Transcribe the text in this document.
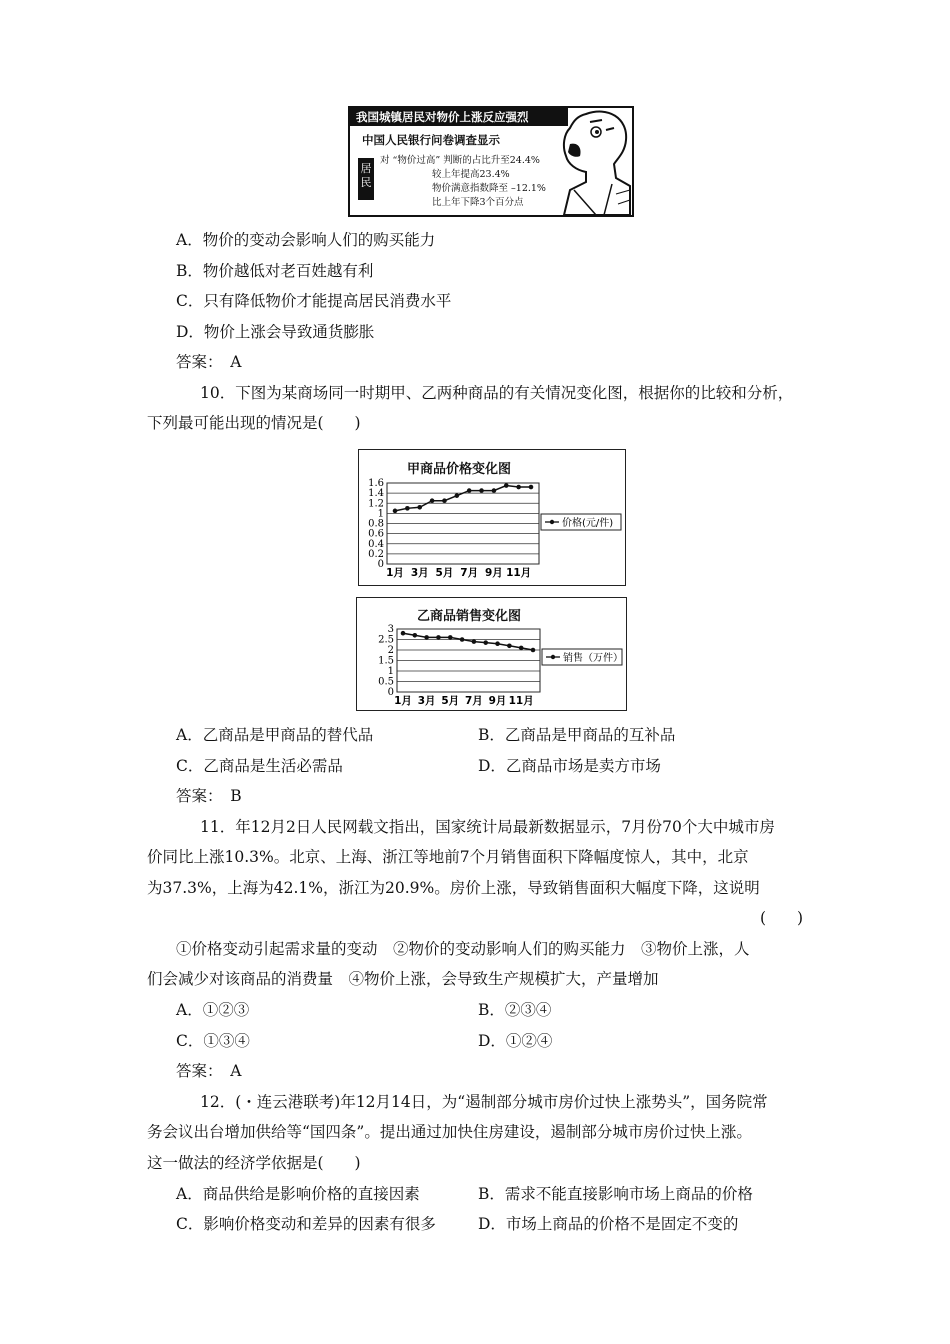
我国城镇居民对物价上涨反应强烈
中国人民银行问卷调查显示
居民
对 “物价过高” 判断的占比升至24.4%
较上年提高23.4%
物价满意指数降至 –12.1%
比上年下降3个百分点
A．物价的变动会影响人们的购买能力
B．物价越低对老百姓越有利
C．只有降低物价才能提高居民消费水平
D．物价上涨会导致通货膨胀
答案：　A
10．下图为某商场同一时期甲、乙两种商品的有关情况变化图，根据你的比较和分析，
下列最可能出现的情况是(　　)
甲商品价格变化图
0
0.2
0.4
0.6
0.8
1
1.2
1.4
1.6
1月 3月 5月 7月 9月 11月
价格(元/件)
乙商品销售变化图
0
0.5
1
1.5
2
2.5
3
1月 3月 5月 7月 9月 11月
销售（万件）
A．乙商品是甲商品的替代品	B．乙商品是甲商品的互补品
C．乙商品是生活必需品	D．乙商品市场是卖方市场
答案：　B
11．年12月2日人民网载文指出，国家统计局最新数据显示，7月份70个大中城市房
价同比上涨10.3%。北京、上海、浙江等地前7个月销售面积下降幅度惊人，其中，北京
为37.3%，上海为42.1%，浙江为20.9%。房价上涨，导致销售面积大幅度下降，这说明
(　　)
①价格变动引起需求量的变动　②物价的变动影响人们的购买能力　③物价上涨，人
们会减少对该商品的消费量　④物价上涨，会导致生产规模扩大，产量增加
A．①②③	B．②③④
C．①③④	D．①②④
答案：　A
12．(・连云港联考)年12月14日，为“遏制部分城市房价过快上涨势头”，国务院常
务会议出台增加供给等“国四条”。提出通过加快住房建设，遏制部分城市房价过快上涨。
这一做法的经济学依据是(　　)
A．商品供给是影响价格的直接因素	B．需求不能直接影响市场上商品的价格
C．影响价格变动和差异的因素有很多	D．市场上商品的价格不是固定不变的
